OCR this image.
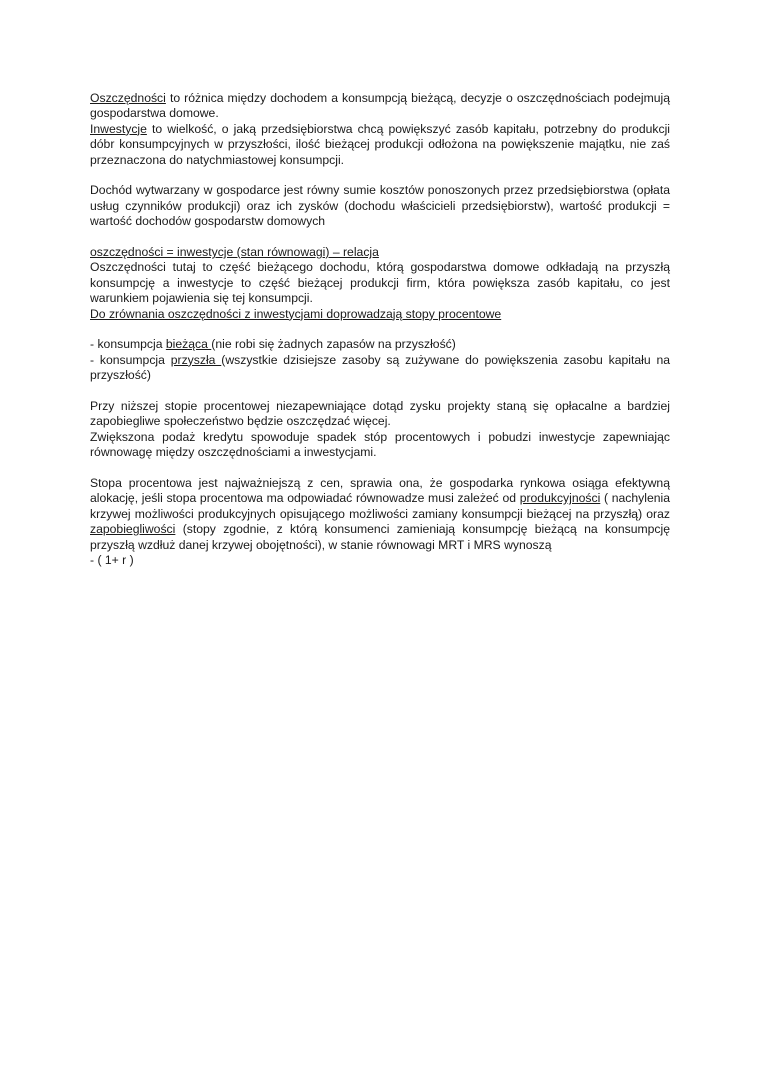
Oszczędności to różnica między dochodem a konsumpcją bieżącą, decyzje o oszczędnościach podejmują gospodarstwa domowe.

Inwestycje to wielkość, o jaką przedsiębiorstwa chcą powiększyć zasób kapitału, potrzebny do produkcji dóbr konsumpcyjnych w przyszłości, ilość bieżącej produkcji odłożona na powiększenie majątku, nie zaś przeznaczona do natychmiastowej konsumpcji.

Dochód wytwarzany w gospodarce jest równy sumie kosztów ponoszonych przez przedsiębiorstwa (opłata usług czynników produkcji) oraz ich zysków (dochodu właścicieli przedsiębiorstw), wartość produkcji = wartość dochodów gospodarstw domowych

oszczędności = inwestycje (stan równowagi) – relacja

Oszczędności tutaj to część bieżącego dochodu, którą gospodarstwa domowe odkładają na przyszłą konsumpcję a inwestycje to część bieżącej produkcji firm, która powiększa zasób kapitału, co jest warunkiem pojawienia się tej konsumpcji.

Do zrównania oszczędności z inwestycjami doprowadzają stopy procentowe

- konsumpcja bieżąca (nie robi się żadnych zapasów na przyszłość)

- konsumpcja przyszła (wszystkie dzisiejsze zasoby są zużywane do powiększenia zasobu kapitału na przyszłość)

Przy niższej stopie procentowej niezapewniające dotąd zysku projekty staną się opłacalne a bardziej zapobiegliwe społeczeństwo będzie oszczędzać więcej.

Zwiększona podaż kredytu spowoduje spadek stóp procentowych i pobudzi inwestycje zapewniając równowagę między oszczędnościami a inwestycjami.

Stopa procentowa jest najważniejszą z cen, sprawia ona, że gospodarka rynkowa osiąga efektywną alokację, jeśli stopa procentowa ma odpowiadać równowadze musi zależeć od produkcyjności ( nachylenia krzywej możliwości produkcyjnych opisującego możliwości zamiany konsumpcji bieżącej na przyszłą) oraz zapobiegliwości (stopy zgodnie, z którą konsumenci zamieniają konsumpcję bieżącą na konsumpcję przyszłą wzdłuż danej krzywej obojętności), w stanie równowagi MRT i MRS wynoszą

- ( 1+ r )
